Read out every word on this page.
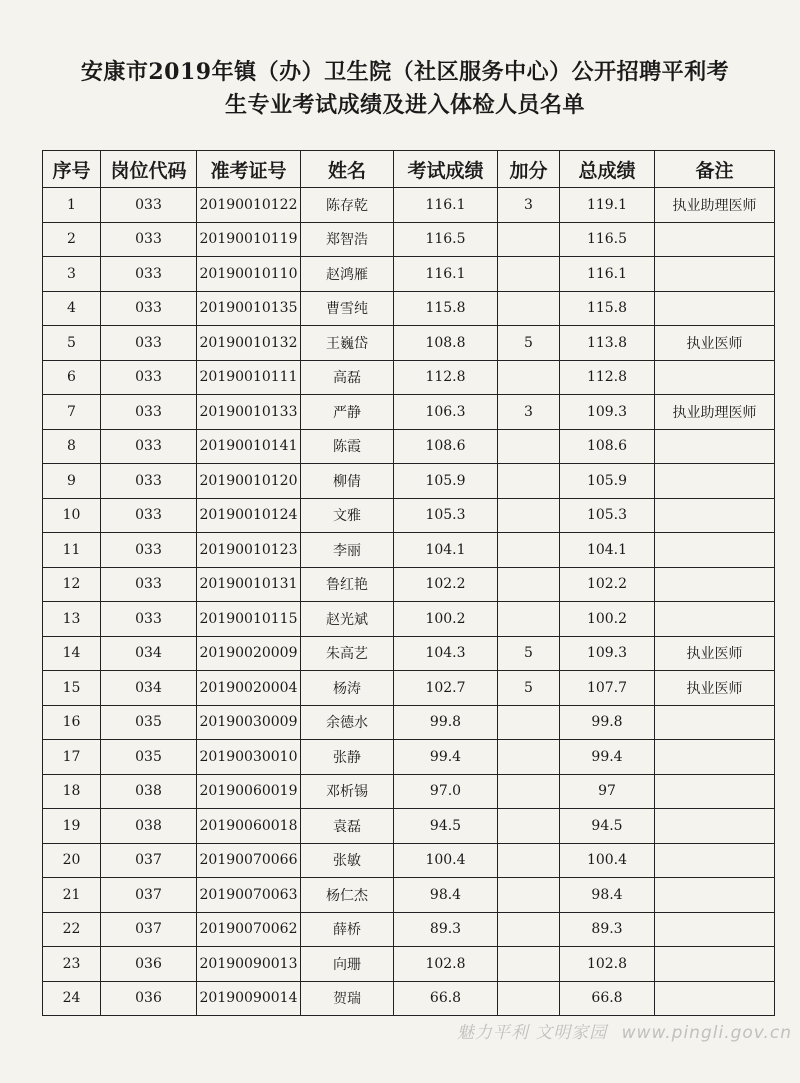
安康市2019年镇（办）卫生院（社区服务中心）公开招聘平利考
生专业考试成绩及进入体检人员名单
序号	岗位代码	准考证号	姓名	考试成绩	加分	总成绩	备注
1	033	20190010122	陈存乾	116.1	3	119.1	执业助理医师
2	033	20190010119	郑智浩	116.5		116.5	
3	033	20190010110	赵鸿雁	116.1		116.1	
4	033	20190010135	曹雪纯	115.8		115.8	
5	033	20190010132	王巍岱	108.8	5	113.8	执业医师
6	033	20190010111	高磊	112.8		112.8	
7	033	20190010133	严静	106.3	3	109.3	执业助理医师
8	033	20190010141	陈霞	108.6		108.6	
9	033	20190010120	柳倩	105.9		105.9	
10	033	20190010124	文雅	105.3		105.3	
11	033	20190010123	李丽	104.1		104.1	
12	033	20190010131	鲁红艳	102.2		102.2	
13	033	20190010115	赵光斌	100.2		100.2	
14	034	20190020009	朱高艺	104.3	5	109.3	执业医师
15	034	20190020004	杨涛	102.7	5	107.7	执业医师
16	035	20190030009	余德水	99.8		99.8	
17	035	20190030010	张静	99.4		99.4	
18	038	20190060019	邓析锡	97.0		97	
19	038	20190060018	袁磊	94.5		94.5	
20	037	20190070066	张敏	100.4		100.4	
21	037	20190070063	杨仁杰	98.4		98.4	
22	037	20190070062	薛桥	89.3		89.3	
23	036	20190090013	向珊	102.8		102.8	
24	036	20190090014	贺瑞	66.8		66.8	
魅力平利 文明家园 www.pingli.gov.cn
